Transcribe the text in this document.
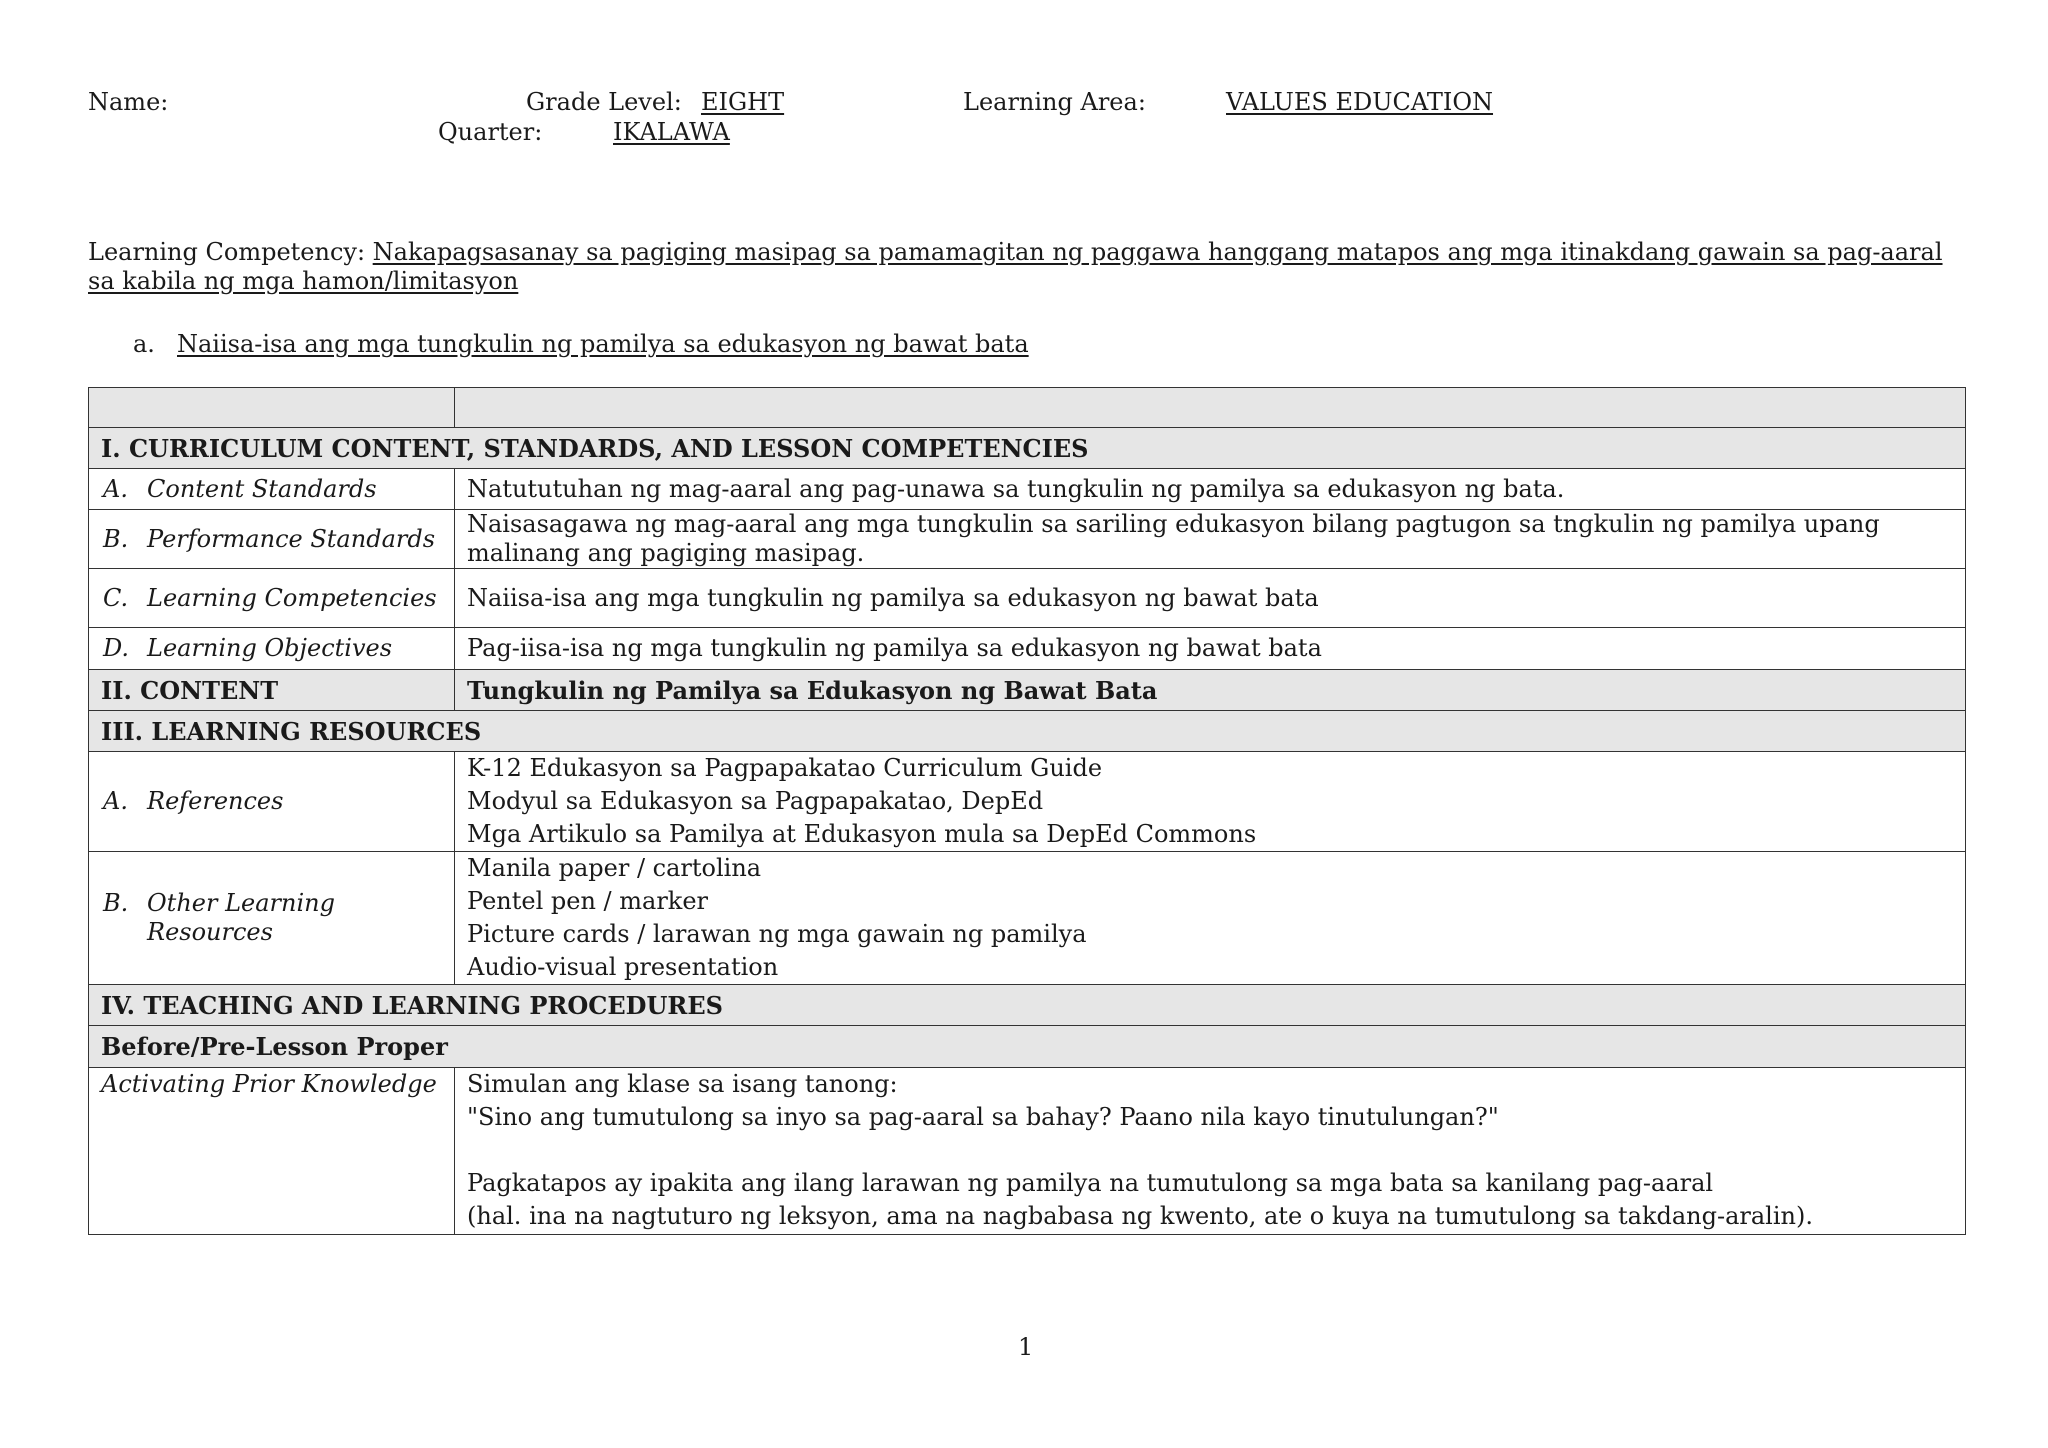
Name:	Grade Level: EIGHT	Learning Area:	VALUES EDUCATION
Quarter:	IKALAWA
Learning Competency: Nakapagsasanay sa pagiging masipag sa pamamagitan ng paggawa hanggang matapos ang mga itinakdang gawain sa pag-aaral sa kabila ng mga hamon/limitasyon
a. Naiisa-isa ang mga tungkulin ng pamilya sa edukasyon ng bawat bata

I. CURRICULUM CONTENT, STANDARDS, AND LESSON COMPETENCIES	
A. Content Standards	Natututuhan ng mag-aaral ang pag-unawa sa tungkulin ng pamilya sa edukasyon ng bata.
B. Performance Standards	Naisasagawa ng mag-aaral ang mga tungkulin sa sariling edukasyon bilang pagtugon sa tngkulin ng pamilya upang malinang ang pagiging masipag.
C. Learning Competencies	Naiisa-isa ang mga tungkulin ng pamilya sa edukasyon ng bawat bata
D. Learning Objectives	Pag-iisa-isa ng mga tungkulin ng pamilya sa edukasyon ng bawat bata
II. CONTENT	Tungkulin ng Pamilya sa Edukasyon ng Bawat Bata
III. LEARNING RESOURCES	
A. References	K-12 Edukasyon sa Pagpapakatao Curriculum Guide
Modyul sa Edukasyon sa Pagpapakatao, DepEd
Mga Artikulo sa Pamilya at Edukasyon mula sa DepEd Commons

B. Other Learning Resources	Manila paper / cartolina
Pentel pen / marker
Picture cards / larawan ng mga gawain ng pamilya
Audio-visual presentation

IV. TEACHING AND LEARNING PROCEDURES	
Before/Pre-Lesson Proper	
Activating Prior Knowledge	Simulan ang klase sa isang tanong:
"Sino ang tumutulong sa inyo sa pag-aaral sa bahay? Paano nila kayo tinutulungan?"
Pagkatapos ay ipakita ang ilang larawan ng pamilya na tumutulong sa mga bata sa kanilang pag-aaral
(hal. ina na nagtuturo ng leksyon, ama na nagbabasa ng kwento, ate o kuya na tumutulong sa takdang-aralin).
1
